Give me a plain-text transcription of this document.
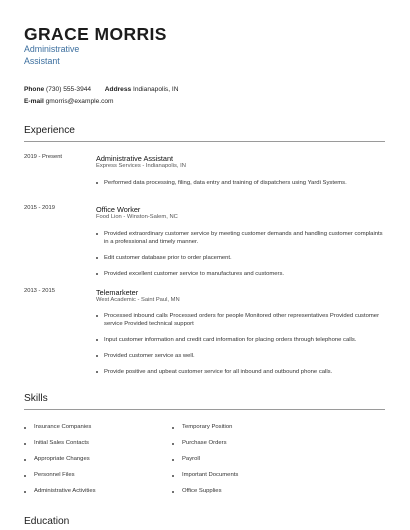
GRACE MORRIS
Administrative Assistant
Phone (730) 555-3944 Address Indianapolis, IN
E-mail gmorris@example.com
Experience
2019 - Present	Administrative Assistant
Express Services - Indianapolis, IN
Performed data processing, filing, data entry and training of dispatchers using Yardi Systems.
2015 - 2019	Office Worker
Food Lion - Winston-Salem, NC
Provided extraordinary customer service by meeting customer demands and handling customer complaints in a professional and timely manner.
Edit customer database prior to order placement.
Provided excellent customer service to manufactures and customers.
2013 - 2015	Telemarketer
West Academic - Saint Paul, MN
Processed inbound calls Processed orders for people Monitored other representatives Provided customer service Provided technical support
Input customer information and credit card information for placing orders through telephone calls.
Provided customer service as well.
Provide positive and upbeat customer service for all inbound and outbound phone calls.
Skills
Insurance Companies
Initial Sales Contacts
Appropriate Changes
Personnel Files
Administrative Activities
Temporary Position
Purchase Orders
Payroll
Important Documents
Office Supplies
Education
